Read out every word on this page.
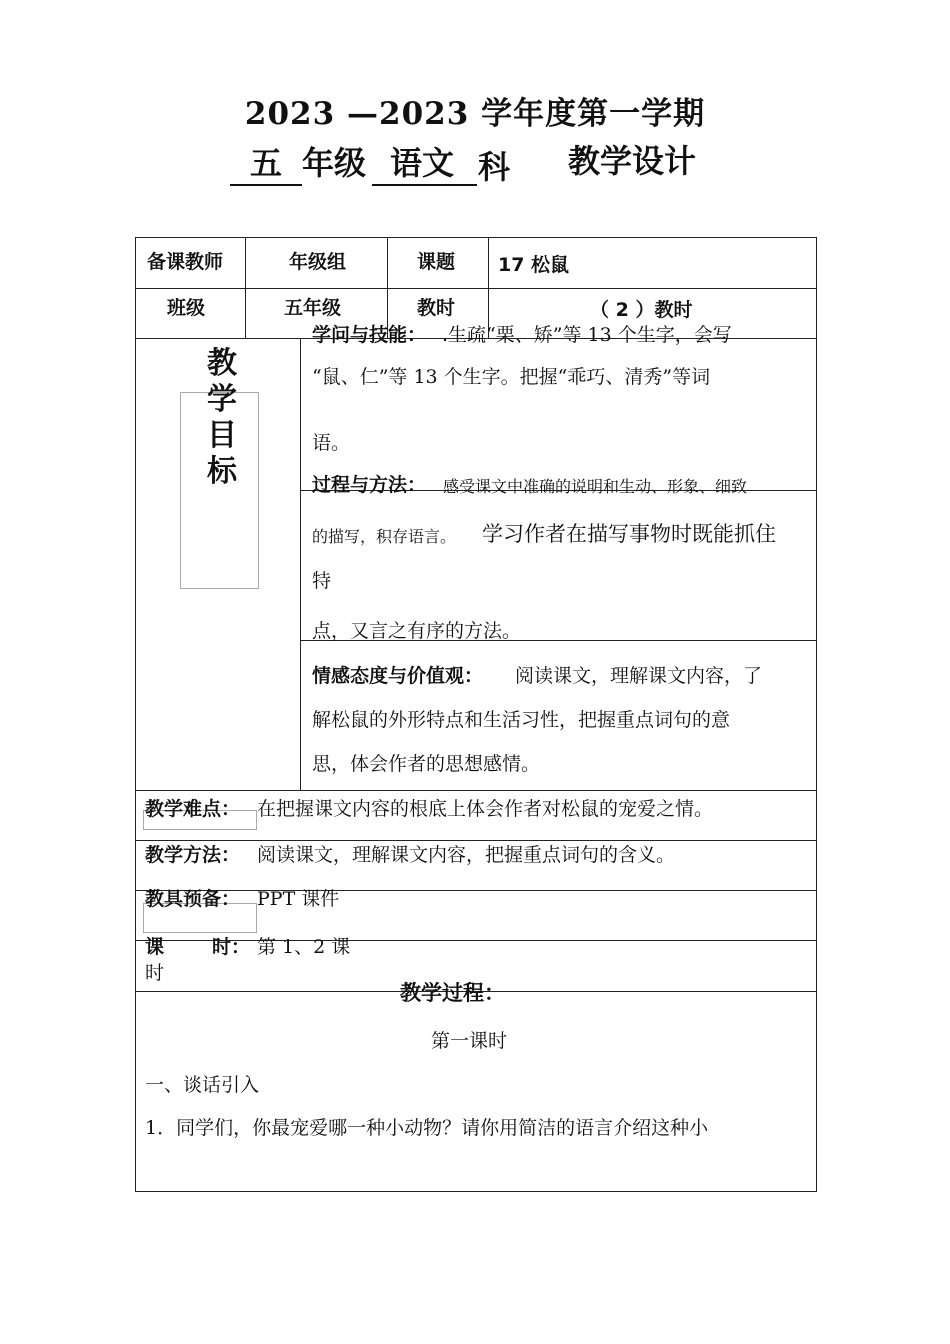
2023 —2023 学年度第一学期
五 年级 语文 科 教学设计
备课教师	年级组	课题 17 松鼠
班级	五年级	教时	（ 2 ）教时
教学目标
学问与技能： .生疏“栗、矫”等 13 个生字，会写
“鼠、仁”等 13 个生字。把握“乖巧、清秀”等词
语。
过程与方法： 感受课文中准确的说明和生动、形象、细致
的描写，积存语言。 学习作者在描写事物时既能抓住
特
点，又言之有序的方法。
情感态度与价值观： 阅读课文，理解课文内容，了
解松鼠的外形特点和生活习性，把握重点词句的意
思，体会作者的思想感情。
教学难点： 在把握课文内容的根底上体会作者对松鼠的宠爱之情。
教学方法： 阅读课文，理解课文内容，把握重点词句的含义。
教具预备： PPT 课件
课	时： 第 1、2 课
时
教学过程：
第一课时
一、谈话引入
1．同学们，你最宠爱哪一种小动物？请你用简洁的语言介绍这种小
